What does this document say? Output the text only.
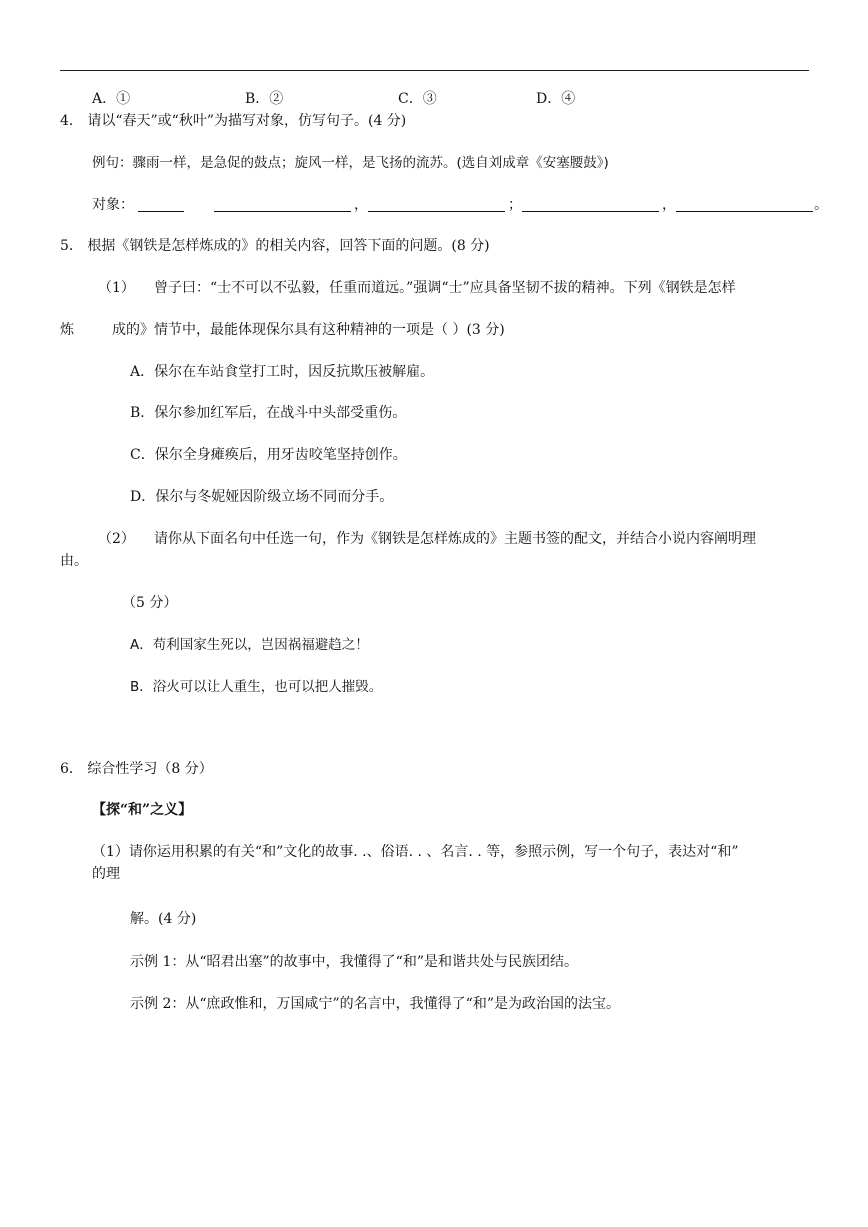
A．①	B．②	C．③	D．④
4． 请以“春天”或“秋叶”为描写对象，仿写句子。(4 分)
例句：骤雨一样，是急促的鼓点；旋风一样，是飞扬的流苏。(选自刘成章《安塞腰鼓》)
对象：	，	；	，	。
5． 根据《钢铁是怎样炼成的》的相关内容，回答下面的问题。(8 分)
（1） 曾子曰：“士不可以不弘毅，任重而道远。”强调“士”应具备坚韧不拔的精神。下列《钢铁是怎样
炼	成的》情节中，最能体现保尔具有这种精神的一项是（ ）(3 分)
A．保尔在车站食堂打工时，因反抗欺压被解雇。
B．保尔参加红军后，在战斗中头部受重伤。
C．保尔全身瘫痪后，用牙齿咬笔坚持创作。
D．保尔与冬妮娅因阶级立场不同而分手。
（2） 请你从下面名句中任选一句，作为《钢铁是怎样炼成的》主题书签的配文，并结合小说内容阐明理
由。
（5 分）
A．苟利国家生死以，岂因祸福避趋之！
B．浴火可以让人重生，也可以把人摧毁。
6． 综合性学习（8 分）
【探“和”之义】
（1）请你运用积累的有关“和”文化的故事. .、俗语. . 、名言. . 等，参照示例，写一个句子，表达对“和”
的理
解。(4 分)
示例 1：从“昭君出塞”的故事中，我懂得了“和”是和谐共处与民族团结。
示例 2：从“庶政惟和，万国咸宁”的名言中，我懂得了“和”是为政治国的法宝。
